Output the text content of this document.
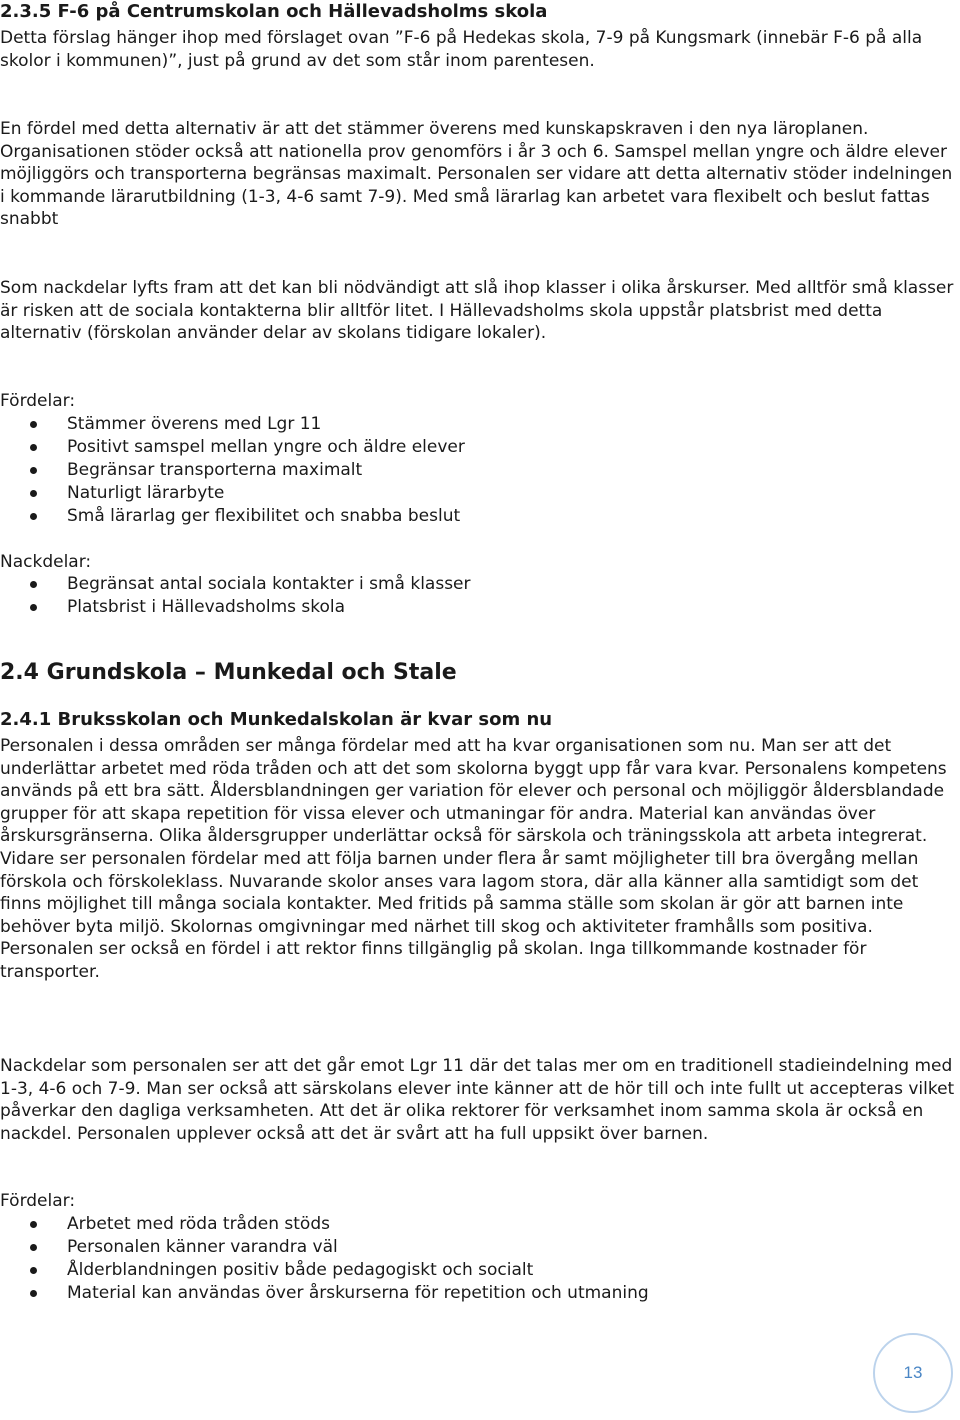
2.3.5 F-6 på Centrumskolan och Hällevadsholms skola

Detta förslag hänger ihop med förslaget ovan ”F-6 på Hedekas skola, 7-9 på Kungsmark (innebär F-6 på alla skolor i kommunen)”, just på grund av det som står inom parentesen.

En fördel med detta alternativ är att det stämmer överens med kunskapskraven i den nya läroplanen. Organisationen stöder också att nationella prov genomförs i år 3 och 6. Samspel mellan yngre och äldre elever möjliggörs och transporterna begränsas maximalt. Personalen ser vidare att detta alternativ stöder indelningen i kommande lärarutbildning (1-3, 4-6 samt 7-9). Med små lärarlag kan arbetet vara flexibelt och beslut fattas snabbt

Som nackdelar lyfts fram att det kan bli nödvändigt att slå ihop klasser i olika årskurser. Med alltför små klasser är risken att de sociala kontakterna blir alltför litet. I Hällevadsholms skola uppstår platsbrist med detta alternativ (förskolan använder delar av skolans tidigare lokaler).

Fördelar:
Stämmer överens med Lgr 11
Positivt samspel mellan yngre och äldre elever
Begränsar transporterna maximalt
Naturligt lärarbyte
Små lärarlag ger flexibilitet och snabba beslut
Nackdelar:
Begränsat antal sociala kontakter i små klasser
Platsbrist i Hällevadsholms skola
2.4 Grundskola – Munkedal och Stale
2.4.1 Bruksskolan och Munkedalskolan är kvar som nu

Personalen i dessa områden ser många fördelar med att ha kvar organisationen som nu. Man ser att det underlättar arbetet med röda tråden och att det som skolorna byggt upp får vara kvar. Personalens kompetens används på ett bra sätt. Åldersblandningen ger variation för elever och personal och möjliggör åldersblandade grupper för att skapa repetition för vissa elever och utmaningar för andra. Material kan användas över årskursgränserna. Olika åldersgrupper underlättar också för särskola och träningsskola att arbeta integrerat. Vidare ser personalen fördelar med att följa barnen under flera år samt möjligheter till bra övergång mellan förskola och förskoleklass. Nuvarande skolor anses vara lagom stora, där alla känner alla samtidigt som det finns möjlighet till många sociala kontakter. Med fritids på samma ställe som skolan är gör att barnen inte behöver byta miljö. Skolornas omgivningar med närhet till skog och aktiviteter framhålls som positiva. Personalen ser också en fördel i att rektor finns tillgänglig på skolan. Inga tillkommande kostnader för transporter.

Nackdelar som personalen ser att det går emot Lgr 11 där det talas mer om en traditionell stadieindelning med 1-3, 4-6 och 7-9. Man ser också att särskolans elever inte känner att de hör till och inte fullt ut accepteras vilket påverkar den dagliga verksamheten. Att det är olika rektorer för verksamhet inom samma skola är också en nackdel. Personalen upplever också att det är svårt att ha full uppsikt över barnen.

Fördelar:
Arbetet med röda tråden stöds
Personalen känner varandra väl
Ålderblandningen positiv både pedagogiskt och socialt
Material kan användas över årskurserna för repetition och utmaning
13
